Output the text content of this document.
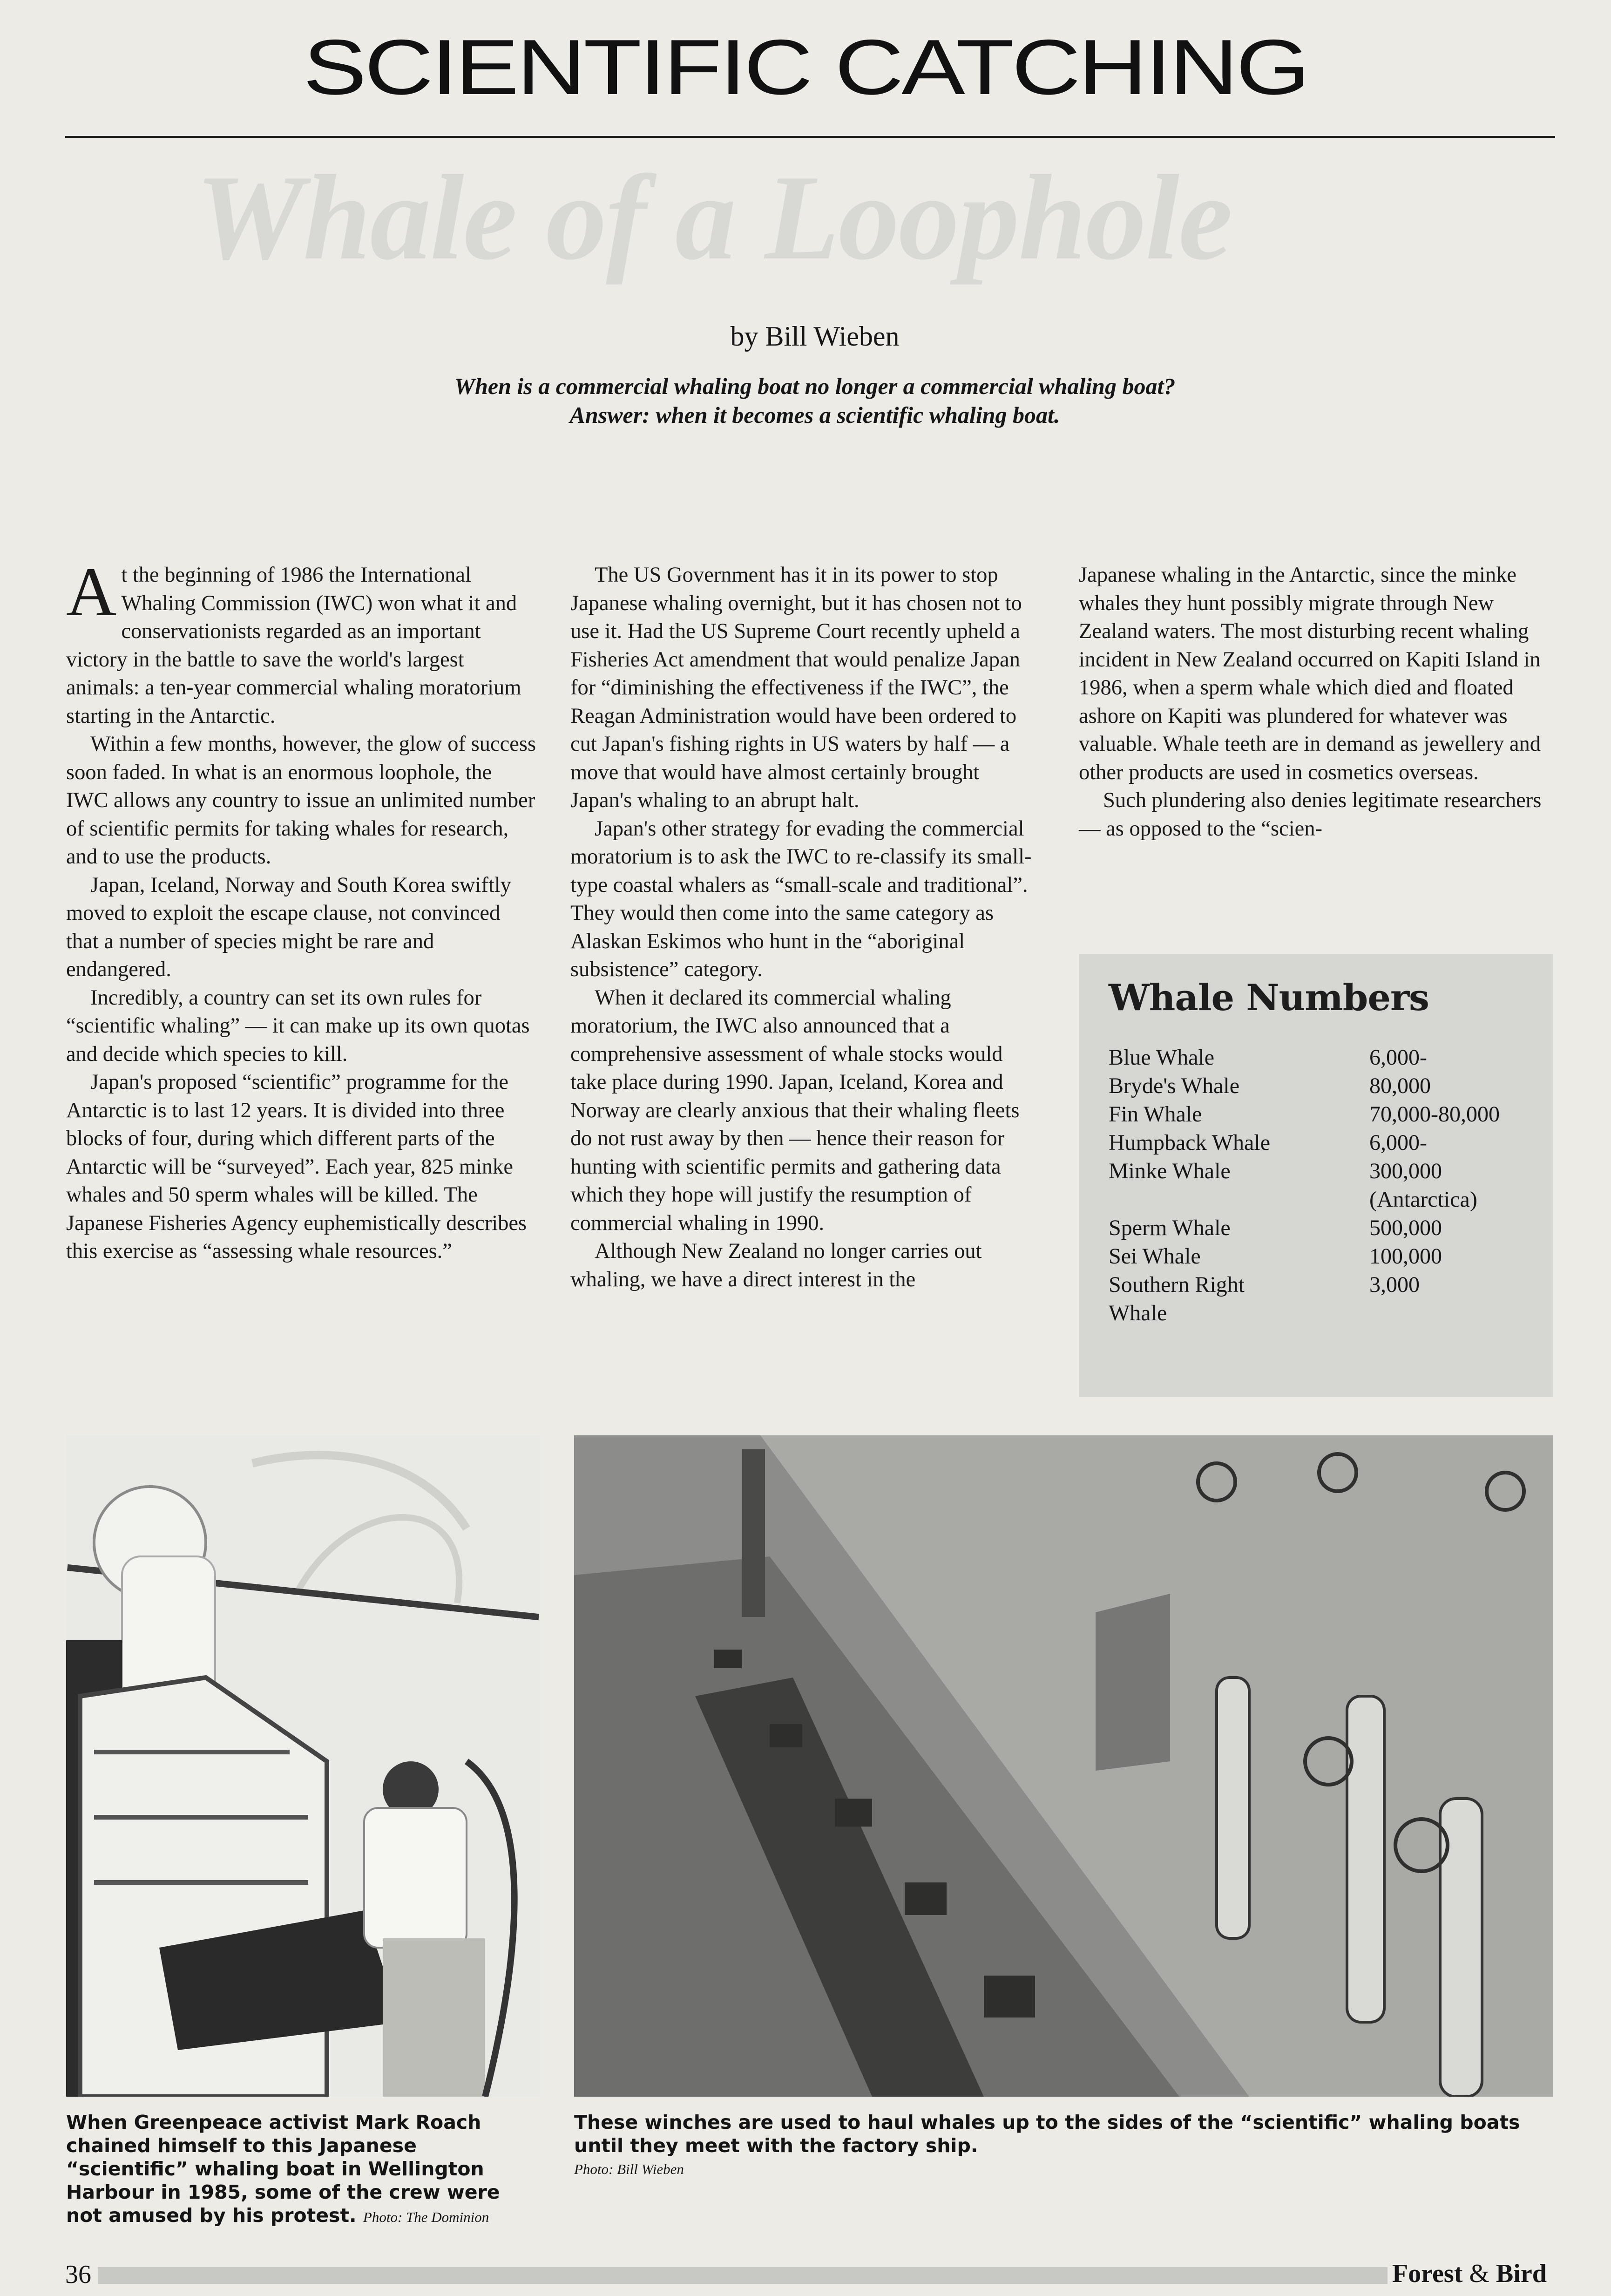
SCIENTIFIC CATCHING
Whale of a Loophole
by Bill Wieben
When is a commercial whaling boat no longer a commercial whaling boat?
Answer: when it becomes a scientific whaling boat.

At the beginning of 1986 the International Whaling Commission (IWC) won what it and conservationists regarded as an important victory in the battle to save the world's largest animals: a ten-year commercial whaling moratorium starting in the Antarctic.

Within a few months, however, the glow of success soon faded. In what is an enormous loophole, the IWC allows any country to issue an unlimited number of scientific permits for taking whales for research, and to use the products.

Japan, Iceland, Norway and South Korea swiftly moved to exploit the escape clause, not convinced that a number of species might be rare and endangered.

Incredibly, a country can set its own rules for “scientific whaling” — it can make up its own quotas and decide which species to kill.

Japan's proposed “scientific” programme for the Antarctic is to last 12 years. It is divided into three blocks of four, during which different parts of the Antarctic will be “surveyed”. Each year, 825 minke whales and 50 sperm whales will be killed. The Japanese Fisheries Agency euphemistically describes this exercise as “assessing whale resources.”

The US Government has it in its power to stop Japanese whaling overnight, but it has chosen not to use it. Had the US Supreme Court recently upheld a Fisheries Act amendment that would penalize Japan for “diminishing the effectiveness if the IWC”, the Reagan Administration would have been ordered to cut Japan's fishing rights in US waters by half — a move that would have almost certainly brought Japan's whaling to an abrupt halt.

Japan's other strategy for evading the commercial moratorium is to ask the IWC to re-classify its small-type coastal whalers as “small-scale and traditional”. They would then come into the same category as Alaskan Eskimos who hunt in the “aboriginal subsistence” category.

When it declared its commercial whaling moratorium, the IWC also announced that a comprehensive assessment of whale stocks would take place during 1990. Japan, Iceland, Korea and Norway are clearly anxious that their whaling fleets do not rust away by then — hence their reason for hunting with scientific permits and gathering data which they hope will justify the resumption of commercial whaling in 1990.

Although New Zealand no longer carries out whaling, we have a direct interest in the

Japanese whaling in the Antarctic, since the minke whales they hunt possibly migrate through New Zealand waters. The most disturbing recent whaling incident in New Zealand occurred on Kapiti Island in 1986, when a sperm whale which died and floated ashore on Kapiti was plundered for whatever was valuable. Whale teeth are in demand as jewellery and other products are used in cosmetics overseas.

Such plundering also denies legitimate researchers — as opposed to the “scien-

Whale Numbers
Blue Whale	6,000-
Bryde's Whale	80,000
Fin Whale	70,000-80,000
Humpback Whale	6,000-
Minke Whale	300,000
	(Antarctica)
Sperm Whale	500,000
Sei Whale	100,000
Southern Right	3,000
Whale	
When Greenpeace activist Mark Roach chained himself to this Japanese “scientific” whaling boat in Wellington Harbour in 1985, some of the crew were not amused by his protest. Photo: The Dominion
These winches are used to haul whales up to the sides of the “scientific” whaling boats until they meet with the factory ship.
Photo: Bill Wieben
36	Forest & Bird
